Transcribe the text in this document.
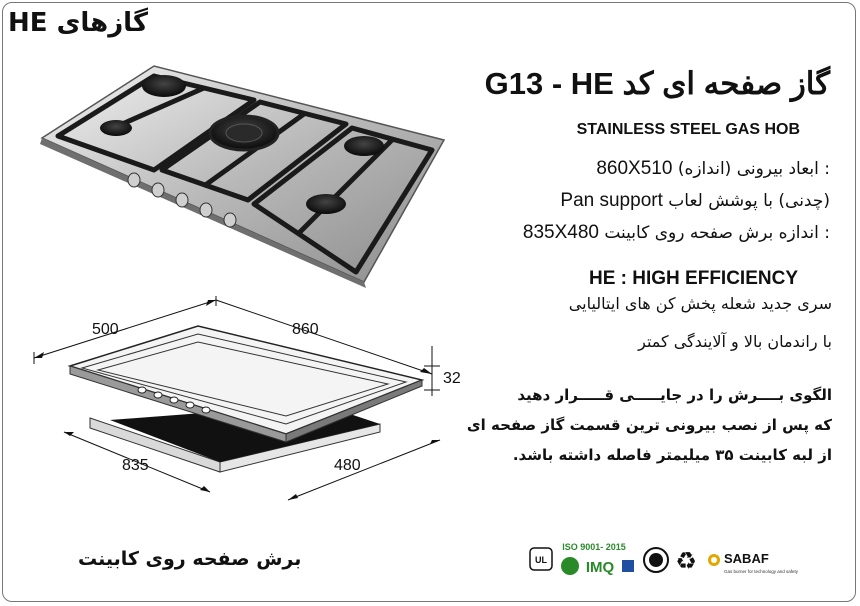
گازهای HE
گاز صفحه ای کد G13 - HE
STAINLESS STEEL GAS HOB
: ابعاد بیرونی (اندازه) 860X510
(چدنی) با پوشش لعاب Pan support
: اندازه برش صفحه روی کابینت 835X480
HE : HIGH EFFICIENCY
سری جدید شعله پخش کن های ایتالیایی
با راندمان بالا و آلایندگی کمتر
الگوی بــــرش را در جایـــــی قـــــرار دهید
که پس از نصب بیرونی ترین قسمت گاز صفحه ای
از لبه کابینت ۳۵ میلیمتر فاصله داشته باشد.
500	860
32
835	480
برش صفحه روی کابینت	UL
ISO 9001- 2015
IMQ	♻ SABAF
Gas burner for technology and safety
